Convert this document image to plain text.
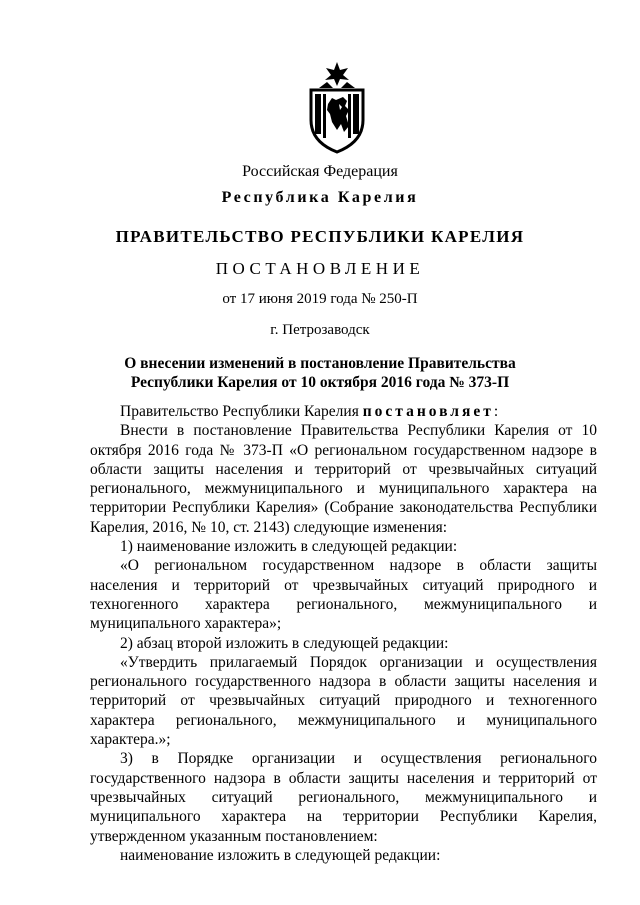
Российская Федерация
Республика Карелия
ПРАВИТЕЛЬСТВО РЕСПУБЛИКИ КАРЕЛИЯ
ПОСТАНОВЛЕНИЕ
от 17 июня 2019 года № 250-П
г. Петрозаводск
О внесении изменений в постановление Правительства
Республики Карелия от 10 октября 2016 года № 373-П

Правительство Республики Карелия постановляет:

Внести в постановление Правительства Республики Карелия от 10 октября 2016 года № 373-П «О региональном государственном надзоре в области защиты населения и территорий от чрезвычайных ситуаций регионального, межмуниципального и муниципального характера на территории Республики Карелия» (Собрание законодательства Республики Карелия, 2016, № 10, ст. 2143) следующие изменения:

1) наименование изложить в следующей редакции:

«О региональном государственном надзоре в области защиты населения и территорий от чрезвычайных ситуаций природного и техногенного характера регионального, межмуниципального и муниципального характера»;

2) абзац второй изложить в следующей редакции:

«Утвердить прилагаемый Порядок организации и осуществления регионального государственного надзора в области защиты населения и территорий от чрезвычайных ситуаций природного и техногенного характера регионального, межмуниципального и муниципального характера.»;

3) в Порядке организации и осуществления регионального государственного надзора в области защиты населения и территорий от чрезвычайных ситуаций регионального, межмуниципального и муниципального характера на территории Республики Карелия, утвержденном указанным постановлением:

наименование изложить в следующей редакции:
